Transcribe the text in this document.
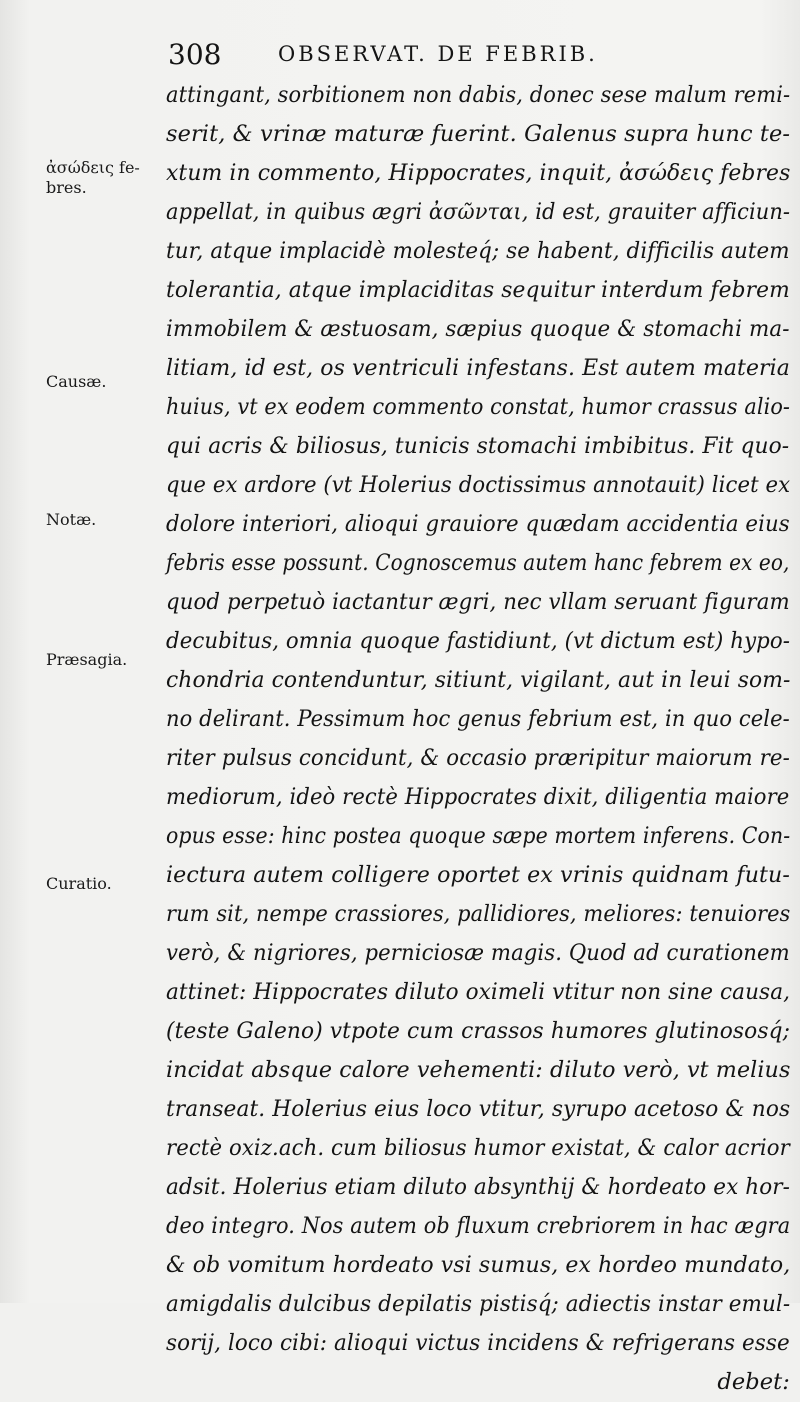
308	OBSERVAT. DE FEBRIB.
ἀσώδεις fe-
bres.
Causæ.
Notæ.
Præsagia.
Curatio.
attingant, sorbitionem non dabis, donec sese malum remi-
serit, & vrinæ maturæ fuerint. Galenus supra hunc te-
xtum in commento, Hippocrates, inquit, ἀσώδεις febres
appellat, in quibus ægri ἀσῶνται, id est, grauiter afficiun-
tur, atque implacidè molesteq́; se habent, difficilis autem
tolerantia, atque implaciditas sequitur interdum febrem
immobilem & æstuosam, sæpius quoque & stomachi ma-
litiam, id est, os ventriculi infestans. Est autem materia
huius, vt ex eodem commento constat, humor crassus alio-
qui acris & biliosus, tunicis stomachi imbibitus. Fit quo-
que ex ardore (vt Holerius doctissimus annotauit) licet ex
dolore interiori, alioqui grauiore quædam accidentia eius
febris esse possunt. Cognoscemus autem hanc febrem ex eo,
quod perpetuò iactantur ægri, nec vllam seruant figuram
decubitus, omnia quoque fastidiunt, (vt dictum est) hypo-
chondria contenduntur, sitiunt, vigilant, aut in leui som-
no delirant. Pessimum hoc genus febrium est, in quo cele-
riter pulsus concidunt, & occasio præripitur maiorum re-
mediorum, ideò rectè Hippocrates dixit, diligentia maiore
opus esse: hinc postea quoque sæpe mortem inferens. Con-
iectura autem colligere oportet ex vrinis quidnam futu-
rum sit, nempe crassiores, pallidiores, meliores: tenuiores
verò, & nigriores, perniciosæ magis. Quod ad curationem
attinet: Hippocrates diluto oximeli vtitur non sine causa,
(teste Galeno) vtpote cum crassos humores glutinososq́;
incidat absque calore vehementi: diluto verò, vt melius
transeat. Holerius eius loco vtitur, syrupo acetoso & nos
rectè oxiz.ach. cum biliosus humor existat, & calor acrior
adsit. Holerius etiam diluto absynthij & hordeato ex hor-
deo integro. Nos autem ob fluxum crebriorem in hac ægra
& ob vomitum hordeato vsi sumus, ex hordeo mundato,
amigdalis dulcibus depilatis pistisq́; adiectis instar emul-
sorij, loco cibi: alioqui victus incidens & refrigerans esse
debet:
